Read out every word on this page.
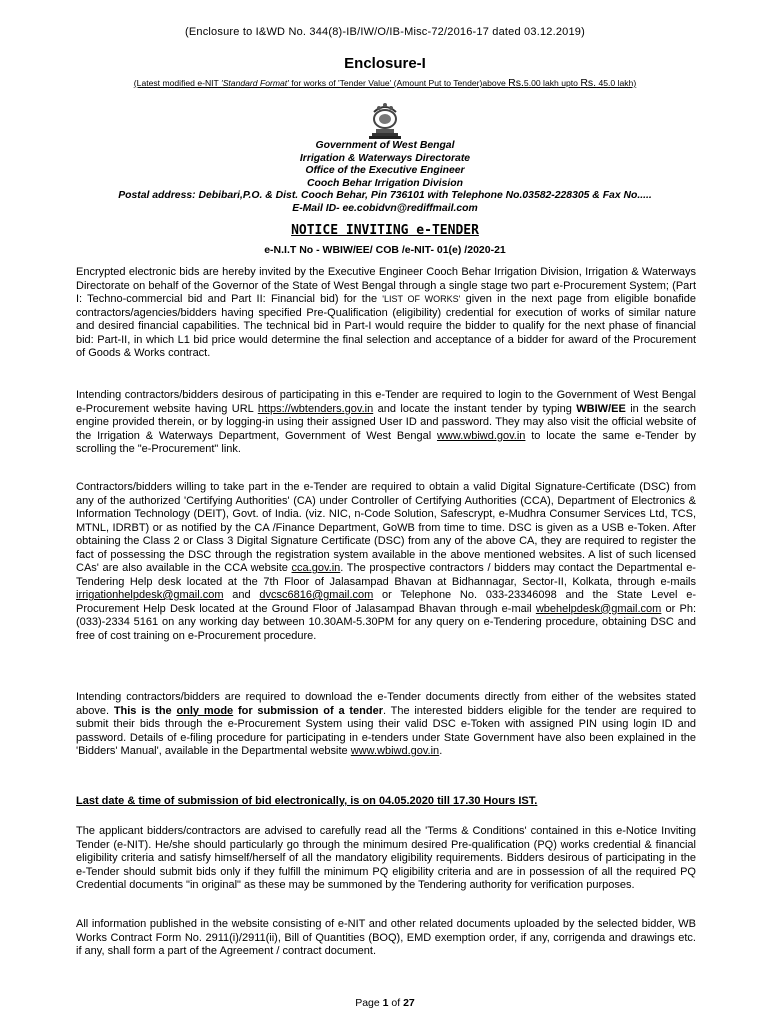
(Enclosure to I&WD No. 344(8)-IB/IW/O/IB-Misc-72/2016-17 dated 03.12.2019)
Enclosure-I
(Latest modified e-NIT 'Standard Format' for works of 'Tender Value' (Amount Put to Tender)above Rs.5.00 lakh upto Rs. 45.0 lakh)
Government of West Bengal
Irrigation & Waterways Directorate
Office of the Executive Engineer
Cooch Behar Irrigation Division
Postal address: Debibari,P.O. & Dist. Cooch Behar, Pin 736101 with Telephone No.03582-228305 & Fax No.....
E-Mail ID- ee.cobidvn@rediffmail.com
NOTICE INVITING e-TENDER
e-N.I.T No - WBIW/EE/ COB /e-NIT- 01(e) /2020-21
Encrypted electronic bids are hereby invited by the Executive Engineer Cooch Behar Irrigation Division, Irrigation & Waterways Directorate on behalf of the Governor of the State of West Bengal through a single stage two part e-Procurement System; (Part I: Techno-commercial bid and Part II: Financial bid) for the 'LIST OF WORKS' given in the next page from eligible bonafide contractors/agencies/bidders having specified Pre-Qualification (eligibility) credential for execution of works of similar nature and desired financial capabilities. The technical bid in Part-I would require the bidder to qualify for the next phase of financial bid: Part-II, in which L1 bid price would determine the final selection and acceptance of a bidder for award of the Procurement of Goods & Works contract.
Intending contractors/bidders desirous of participating in this e-Tender are required to login to the Government of West Bengal e-Procurement website having URL https://wbtenders.gov.in and locate the instant tender by typing WBIW/EE in the search engine provided therein, or by logging-in using their assigned User ID and password. They may also visit the official website of the Irrigation & Waterways Department, Government of West Bengal www.wbiwd.gov.in to locate the same e-Tender by scrolling the "e-Procurement" link.
Contractors/bidders willing to take part in the e-Tender are required to obtain a valid Digital Signature-Certificate (DSC) from any of the authorized 'Certifying Authorities' (CA) under Controller of Certifying Authorities (CCA), Department of Electronics & Information Technology (DEIT), Govt. of India. (viz. NIC, n-Code Solution, Safescrypt, e-Mudhra Consumer Services Ltd, TCS, MTNL, IDRBT) or as notified by the CA /Finance Department, GoWB from time to time. DSC is given as a USB e-Token. After obtaining the Class 2 or Class 3 Digital Signature Certificate (DSC) from any of the above CA, they are required to register the fact of possessing the DSC through the registration system available in the above mentioned websites. A list of such licensed CAs' are also available in the CCA website cca.gov.in. The prospective contractors / bidders may contact the Departmental e-Tendering Help desk located at the 7th Floor of Jalasampad Bhavan at Bidhannagar, Sector-II, Kolkata, through e-mails irrigationhelpdesk@gmail.com and dvcsc6816@gmail.com or Telephone No. 033-23346098 and the State Level e-Procurement Help Desk located at the Ground Floor of Jalasampad Bhavan through e-mail wbehelpdesk@gmail.com or Ph:(033)-2334 5161 on any working day between 10.30AM-5.30PM for any query on e-Tendering procedure, obtaining DSC and free of cost training on e-Procurement procedure.
Intending contractors/bidders are required to download the e-Tender documents directly from either of the websites stated above. This is the only mode for submission of a tender. The interested bidders eligible for the tender are required to submit their bids through the e-Procurement System using their valid DSC e-Token with assigned PIN using login ID and password. Details of e-filing procedure for participating in e-tenders under State Government have also been explained in the 'Bidders' Manual', available in the Departmental website www.wbiwd.gov.in.
Last date & time of submission of bid electronically, is on 04.05.2020 till 17.30 Hours IST.
The applicant bidders/contractors are advised to carefully read all the 'Terms & Conditions' contained in this e-Notice Inviting Tender (e-NIT). He/she should particularly go through the minimum desired Pre-qualification (PQ) works credential & financial eligibility criteria and satisfy himself/herself of all the mandatory eligibility requirements. Bidders desirous of participating in the e-Tender should submit bids only if they fulfill the minimum PQ eligibility criteria and are in possession of all the required PQ Credential documents "in original" as these may be summoned by the Tendering authority for verification purposes.
All information published in the website consisting of e-NIT and other related documents uploaded by the selected bidder, WB Works Contract Form No. 2911(i)/2911(ii), Bill of Quantities (BOQ), EMD exemption order, if any, corrigenda and drawings etc. if any, shall form a part of the Agreement / contract document.
Page 1 of 27
